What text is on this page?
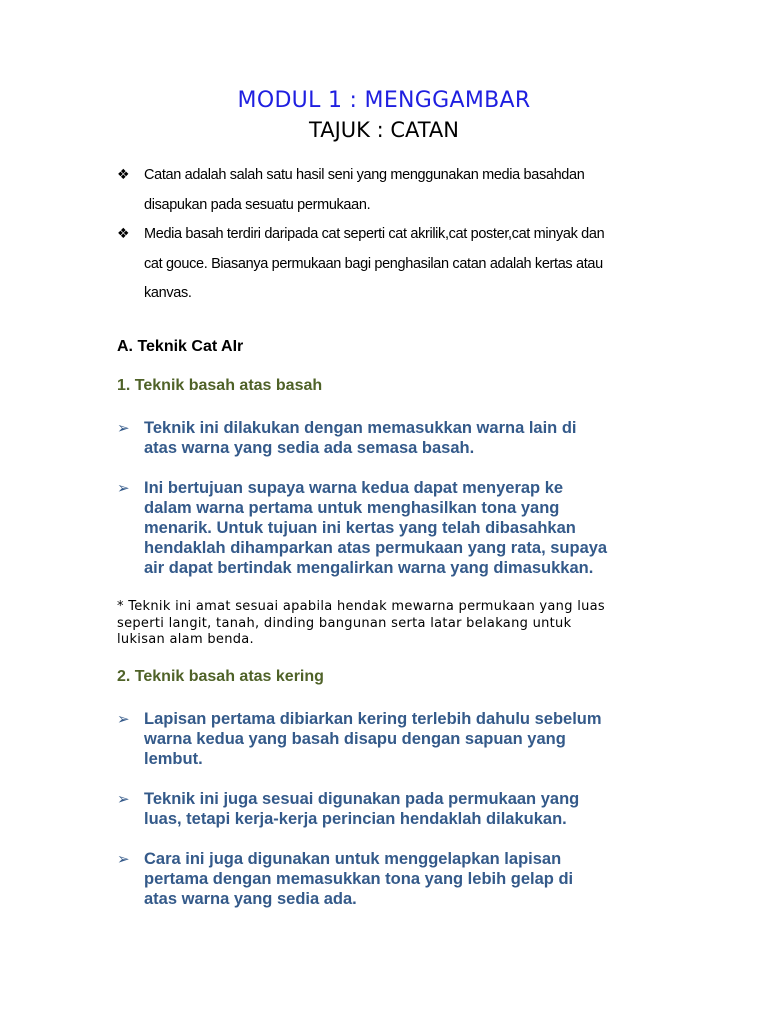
MODUL 1 : MENGGAMBAR
TAJUK : CATAN
❖ Catan adalah salah satu hasil seni yang menggunakan media basahdan
disapukan pada sesuatu permukaan.
❖ Media basah terdiri daripada cat seperti cat akrilik,cat poster,cat minyak dan
cat gouce. Biasanya permukaan bagi penghasilan catan adalah kertas atau
kanvas.
A. Teknik Cat AIr
1. Teknik basah atas basah
➢ Teknik ini dilakukan dengan memasukkan warna lain di
atas warna yang sedia ada semasa basah.
➢ Ini bertujuan supaya warna kedua dapat menyerap ke
dalam warna pertama untuk menghasilkan tona yang
menarik. Untuk tujuan ini kertas yang telah dibasahkan
hendaklah dihamparkan atas permukaan yang rata, supaya
air dapat bertindak mengalirkan warna yang dimasukkan.
* Teknik ini amat sesuai apabila hendak mewarna permukaan yang luas
seperti langit, tanah, dinding bangunan serta latar belakang untuk
lukisan alam benda.
2. Teknik basah atas kering
➢ Lapisan pertama dibiarkan kering terlebih dahulu sebelum
warna kedua yang basah disapu dengan sapuan yang
lembut.
➢ Teknik ini juga sesuai digunakan pada permukaan yang
luas, tetapi kerja-kerja perincian hendaklah dilakukan.
➢ Cara ini juga digunakan untuk menggelapkan lapisan
pertama dengan memasukkan tona yang lebih gelap di
atas warna yang sedia ada.
